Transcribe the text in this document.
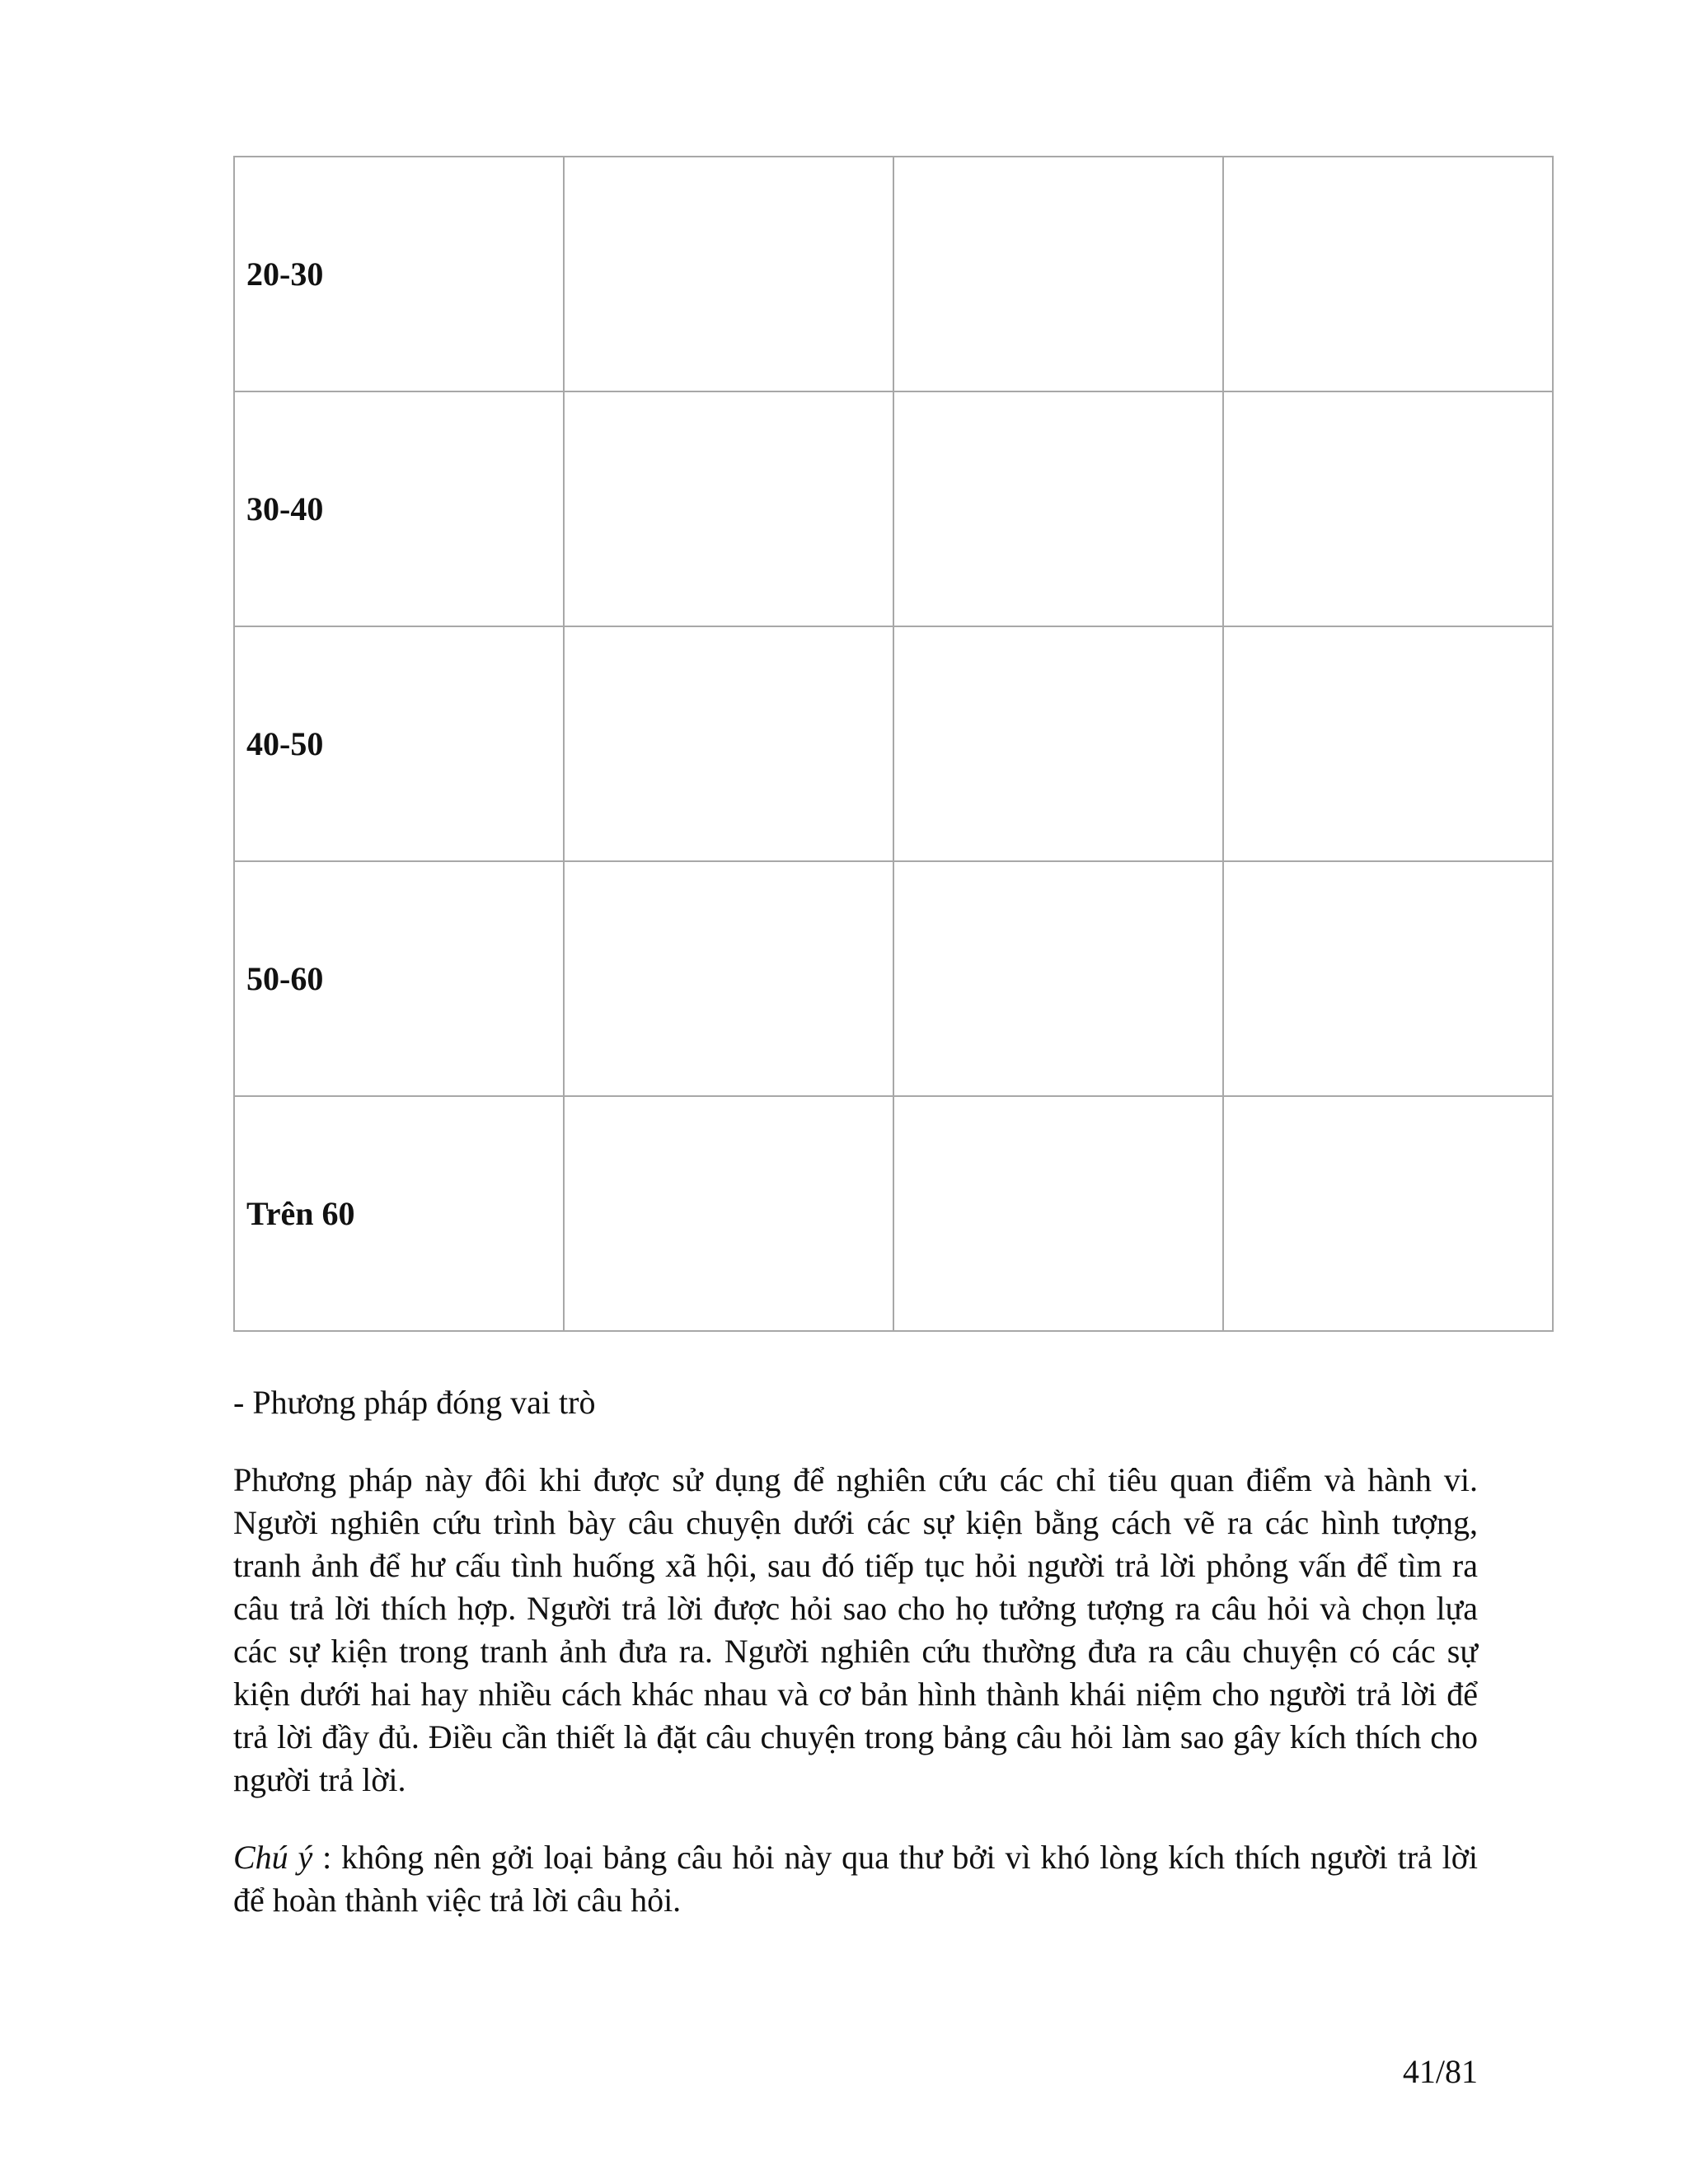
20-30			
30-40			
40-50			
50-60			
Trên 60			
- Phương pháp đóng vai trò
Phương pháp này đôi khi được sử dụng để nghiên cứu các chỉ tiêu quan điểm và hành vi. Người nghiên cứu trình bày câu chuyện dưới các sự kiện bằng cách vẽ ra các hình tượng, tranh ảnh để hư cấu tình huống xã hội, sau đó tiếp tục hỏi người trả lời phỏng vấn để tìm ra câu trả lời thích hợp. Người trả lời được hỏi sao cho họ tưởng tượng ra câu hỏi và chọn lựa các sự kiện trong tranh ảnh đưa ra. Người nghiên cứu thường đưa ra câu chuyện có các sự kiện dưới hai hay nhiều cách khác nhau và cơ bản hình thành khái niệm cho người trả lời để trả lời đầy đủ. Điều cần thiết là đặt câu chuyện trong bảng câu hỏi làm sao gây kích thích cho người trả lời.
Chú ý : không nên gởi loại bảng câu hỏi này qua thư bởi vì khó lòng kích thích người trả lời để hoàn thành việc trả lời câu hỏi.
41/81
